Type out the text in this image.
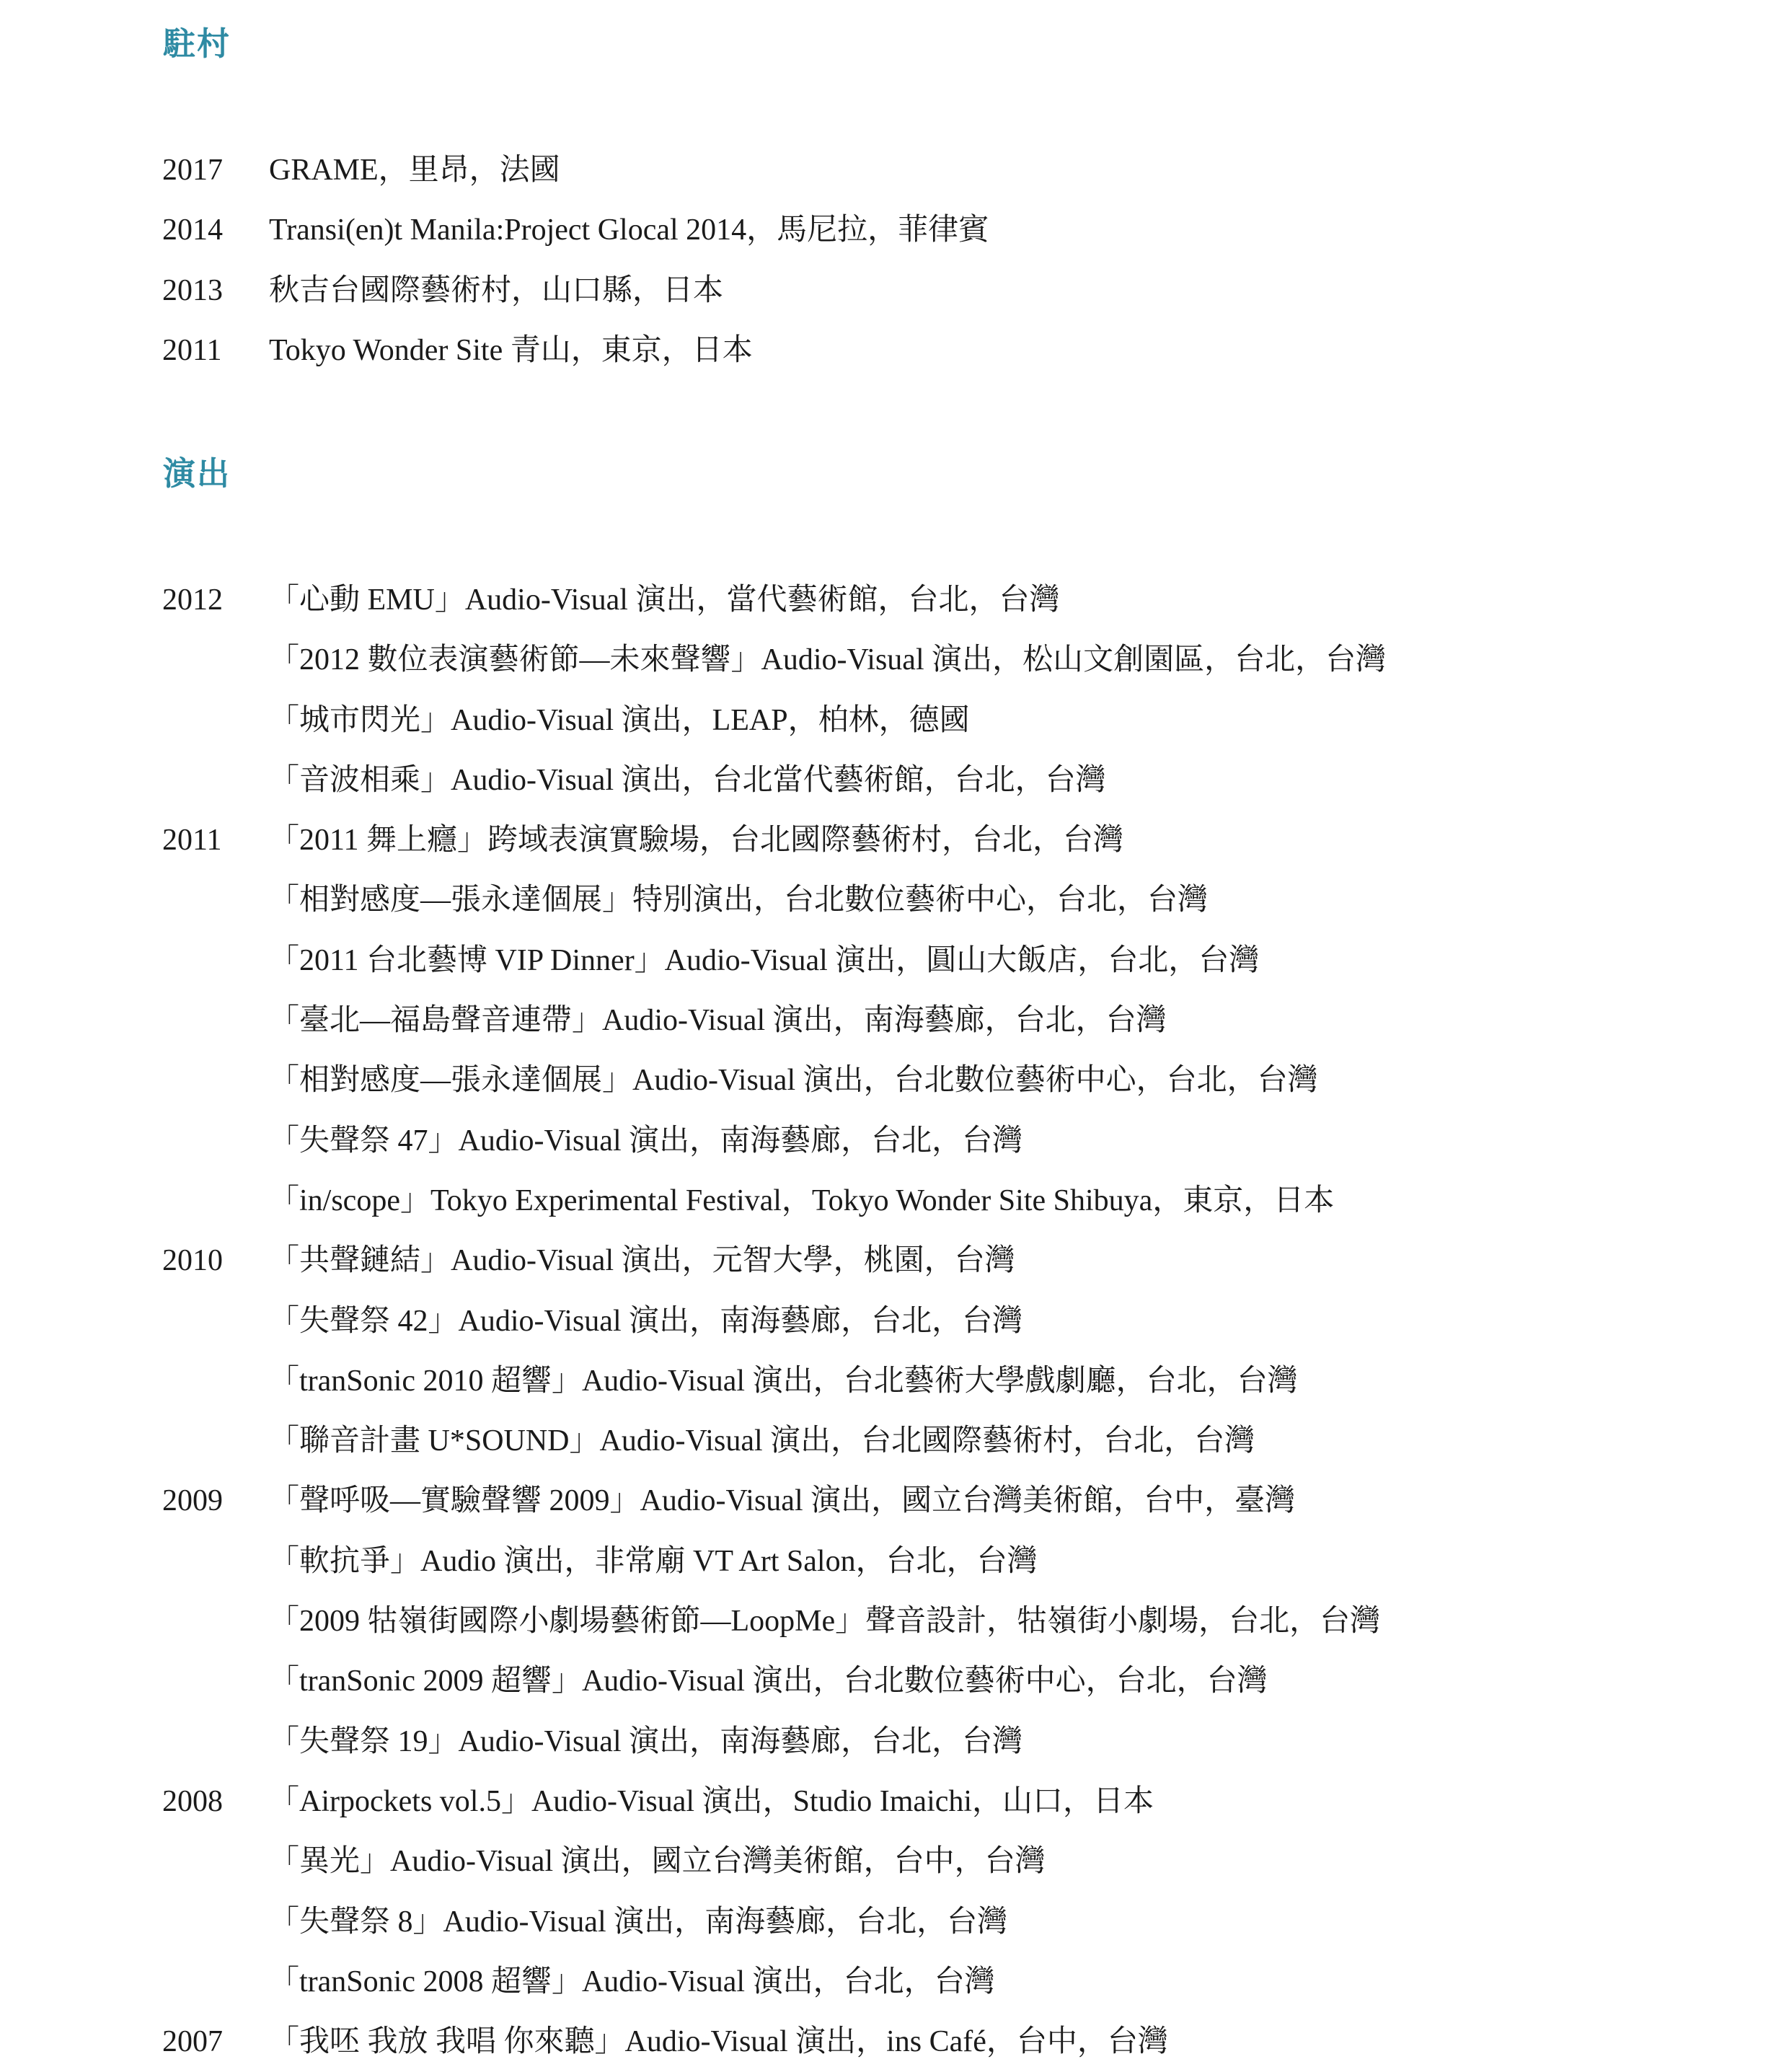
駐村
2017 GRAME，里昂，法國
2014 Transi(en)t Manila:Project Glocal 2014，馬尼拉，菲律賓
2013 秋吉台國際藝術村，山口縣，日本
2011 Tokyo Wonder Site 青山，東京，日本
演出
2012 「心動 EMU」Audio-Visual 演出，當代藝術館，台北，台灣
「2012 數位表演藝術節—未來聲響」Audio-Visual 演出，松山文創園區，台北，台灣
「城市閃光」Audio-Visual 演出，LEAP，柏林，德國
「音波相乘」Audio-Visual 演出，台北當代藝術館，台北，台灣
2011 「2011 舞上癮」跨域表演實驗場，台北國際藝術村，台北，台灣
「相對感度—張永達個展」特別演出，台北數位藝術中心，台北，台灣
「2011 台北藝博 VIP Dinner」Audio-Visual 演出，圓山大飯店，台北，台灣
「臺北—福島聲音連帶」Audio-Visual 演出，南海藝廊，台北，台灣
「相對感度—張永達個展」Audio-Visual 演出，台北數位藝術中心，台北，台灣
「失聲祭 47」Audio-Visual 演出，南海藝廊，台北，台灣
「in/scope」Tokyo Experimental Festival，Tokyo Wonder Site Shibuya，東京，日本
2010 「共聲鏈結」Audio-Visual 演出，元智大學，桃園，台灣
「失聲祭 42」Audio-Visual 演出，南海藝廊，台北，台灣
「tranSonic 2010 超響」Audio-Visual 演出，台北藝術大學戲劇廳，台北，台灣
「聯音計畫 U*SOUND」Audio-Visual 演出，台北國際藝術村，台北，台灣
2009 「聲呼吸—實驗聲響 2009」Audio-Visual 演出，國立台灣美術館，台中，臺灣
「軟抗爭」Audio 演出，非常廟 VT Art Salon，台北，台灣
「2009 牯嶺街國際小劇場藝術節—LoopMe」聲音設計，牯嶺街小劇場，台北，台灣
「tranSonic 2009 超響」Audio-Visual 演出，台北數位藝術中心，台北，台灣
「失聲祭 19」Audio-Visual 演出，南海藝廊，台北，台灣
2008 「Airpockets vol.5」Audio-Visual 演出，Studio Imaichi，山口，日本
「異光」Audio-Visual 演出，國立台灣美術館，台中，台灣
「失聲祭 8」Audio-Visual 演出，南海藝廊，台北，台灣
「tranSonic 2008 超響」Audio-Visual 演出，台北，台灣
2007 「我呸 我放 我唱 你來聽」Audio-Visual 演出，ins Café，台中，台灣
